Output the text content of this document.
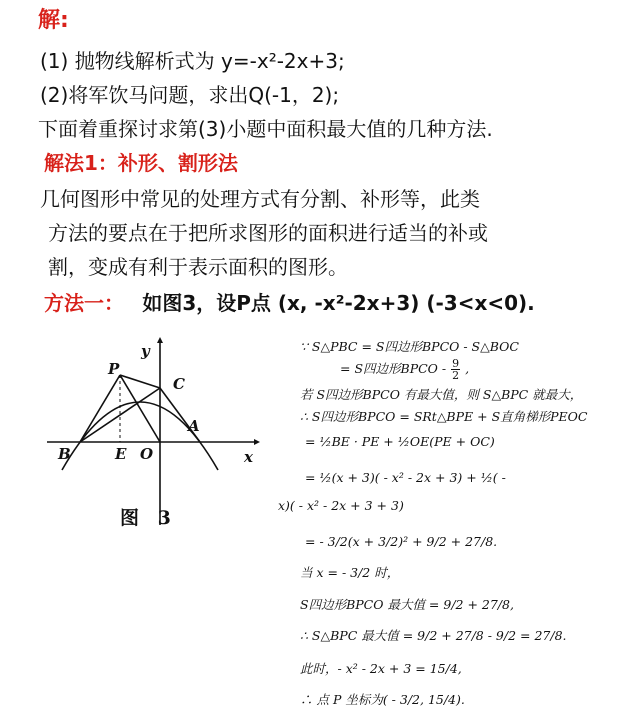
解:
(1) 抛物线解析式为 y=-x²-2x+3;
(2)将军饮马问题，求出Q(-1，2);
下面着重探讨求第(3)小题中面积最大值的几种方法.
解法1：补形、割形法
几何图形中常见的处理方式有分割、补形等，此类
方法的要点在于把所求图形的面积进行适当的补或
割，变成有利于表示面积的图形。
方法一： 如图3，设P点 (x, -x²-2x+3) (-3<x<0).
y
x
P
C
A
B	E O
图 3
∵ S△PBC = S四边形BPCO - S△BOC
= S四边形BPCO - $\frac{9}{2}$ ,
若 S四边形BPCO 有最大值，则 S△BPC 就最大，
∴ S四边形BPCO = SRt△BPE + S直角梯形PEOC
= ½BE · PE + ½OE(PE + OC)
= ½(x + 3)( - x² - 2x + 3) + ½( -
x)( - x² - 2x + 3 + 3)
= - 3/2(x + 3/2)² + 9/2 + 27/8.
当 x = - 3/2 时，
S四边形BPCO 最大值 = 9/2 + 27/8,
∴ S△BPC 最大值 = 9/2 + 27/8 - 9/2 = 27/8.
此时，- x² - 2x + 3 = 15/4,
∴ 点 P 坐标为( - 3/2, 15/4).
